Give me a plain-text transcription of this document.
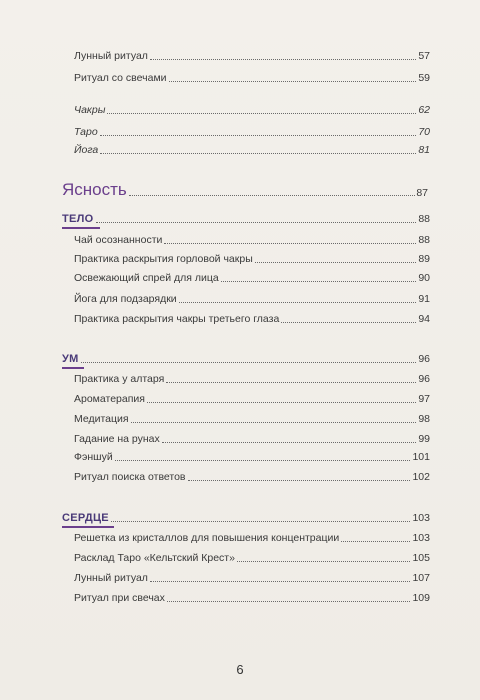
Лунный ритуал	57
Ритуал со свечами	59
Чакры	62
Таро	70
Йога	81
Ясность	87
ТЕЛО	88
Чай осознанности	88
Практика раскрытия горловой чакры	89
Освежающий спрей для лица	90
Йога для подзарядки	91
Практика раскрытия чакры третьего глаза	94
УМ	96
Практика у алтаря	96
Ароматерапия	97
Медитация	98
Гадание на рунах	99
Фэншуй	101
Ритуал поиска ответов	102
СЕРДЦЕ	103
Решетка из кристаллов для повышения концентрации	103
Расклад Таро «Кельтский Крест»	105
Лунный ритуал	107
Ритуал при свечах	109
6
